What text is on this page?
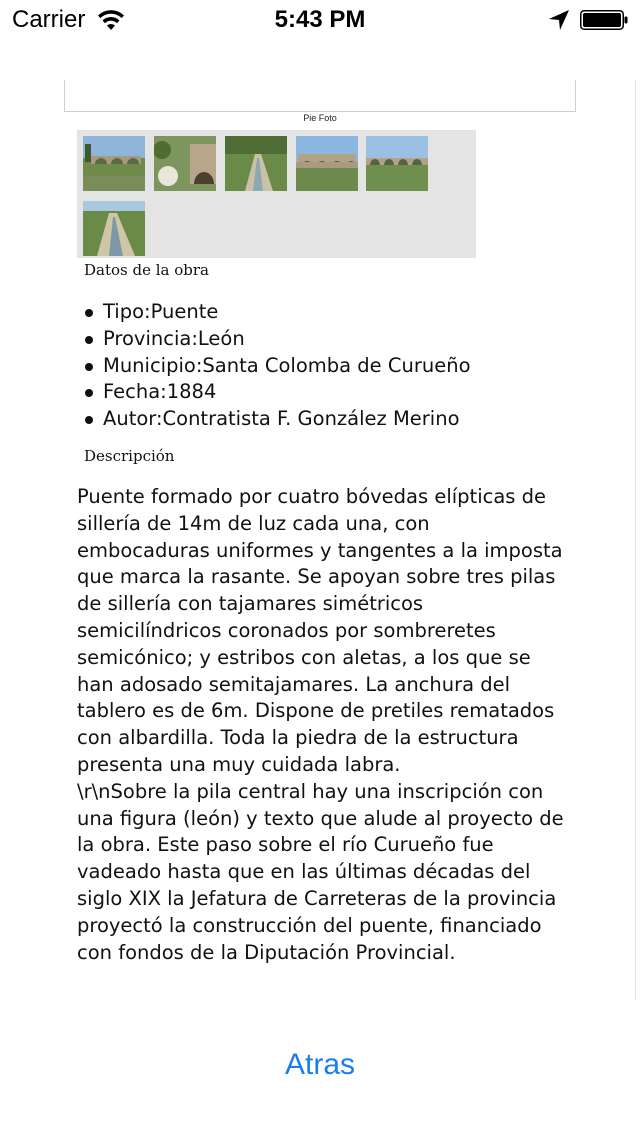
Carrier	5:43 PM
Pie Foto
Datos de la obra
Tipo:Puente
Provincia:León
Municipio:Santa Colomba de Curueño
Fecha:1884
Autor:Contratista F. González Merino
Descripción
Puente formado por cuatro bóvedas elípticas de sillería de 14m de luz cada una, con embocaduras uniformes y tangentes a la imposta que marca la rasante. Se apoyan sobre tres pilas de sillería con tajamares simétricos semicilíndricos coronados por sombreretes semicónico; y estribos con aletas, a los que se han adosado semitajamares. La anchura del tablero es de 6m. Dispone de pretiles rematados con albardilla. Toda la piedra de la estructura presenta una muy cuidada labra.
\r\nSobre la pila central hay una inscripción con una figura (león) y texto que alude al proyecto de la obra. Este paso sobre el río Curueño fue vadeado hasta que en las últimas décadas del siglo XIX la Jefatura de Carreteras de la provincia proyectó la construcción del puente, financiado con fondos de la Diputación Provincial.
Atras
